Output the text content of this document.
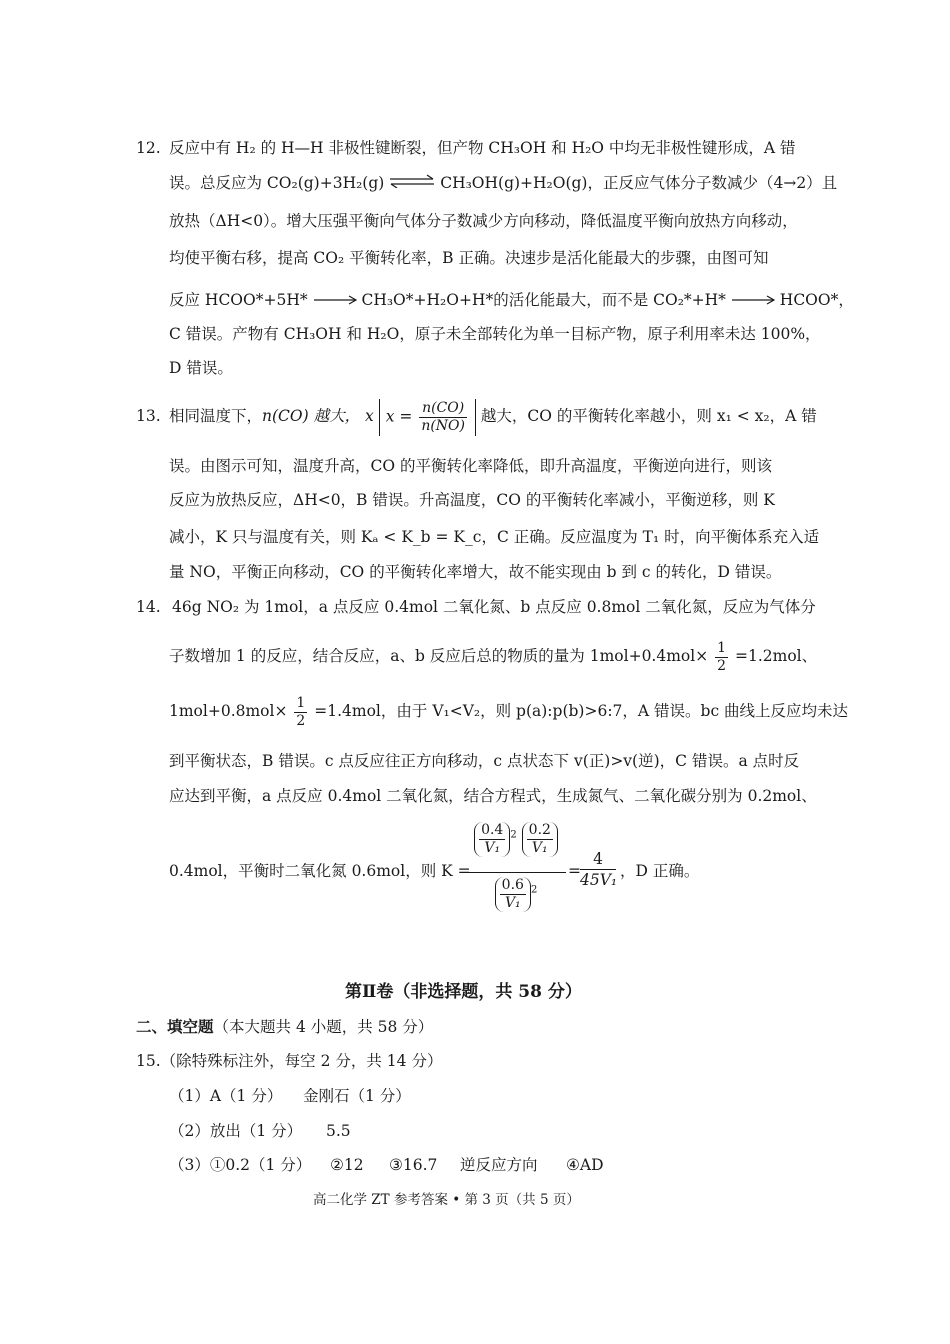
12. 反应中有 H₂ 的 H—H 非极性键断裂，但产物 CH₃OH 和 H₂O 中均无非极性键形成，A 错
误。总反应为 CO₂(g)+3H₂(g) ⇌ CH₃OH(g)+H₂O(g)，正反应气体分子数减少（4→2）且
放热（ΔH<0）。增大压强平衡向气体分子数减少方向移动，降低温度平衡向放热方向移动，
均使平衡右移，提高 CO₂ 平衡转化率，B 正确。决速步是活化能最大的步骤，由图可知
反应 HCOO*+5H* → CH₃O*+H₂O+H*的活化能最大，而不是 CO₂*+H* → HCOO*，
C 错误。产物有 CH₃OH 和 H₂O，原子未全部转化为单一目标产物，原子利用率未达 100%，
D 错误。
13. 相同温度下，n(CO) 越大， x $x = \frac{n(CO)}{n(NO)}$ 越大，CO 的平衡转化率越小，则 x₁ < x₂，A 错
误。由图示可知，温度升高，CO 的平衡转化率降低，即升高温度，平衡逆向进行，则该
反应为放热反应，ΔH<0，B 错误。升高温度，CO 的平衡转化率减小，平衡逆移，则 K
减小，K 只与温度有关，则 Kₐ < K_b = K_c，C 正确。反应温度为 T₁ 时，向平衡体系充入适
量 NO，平衡正向移动，CO 的平衡转化率增大，故不能实现由 b 到 c 的转化，D 错误。
14. 46g NO₂ 为 1mol，a 点反应 0.4mol 二氧化氮、b 点反应 0.8mol 二氧化氮，反应为气体分
子数增加 1 的反应，结合反应，a、b 反应后总的物质的量为 $1mol+0.4mol\times \frac{1}{2} =1.2mol$、
$1mol+0.8mol\times \frac{1}{2} =1.4mol$，由于 V₁<V₂，则 p(a):p(b)>6:7，A 错误。bc 曲线上反应均未达
到平衡状态，B 错误。c 点反应往正方向移动，c 点状态下 v(正)>v(逆)，C 错误。a 点时反
应达到平衡，a 点反应 0.4mol 二氧化氮，结合方程式，生成氮气、二氧化碳分别为 0.2mol、
0.4mol，平衡时二氧化氮 0.6mol，则 K =
$\frac{0.4}{\text{V₁}} ^2 \frac{0.2}{\text{V₁}}$
$\frac{0.6}{\text{V₁}} ^2$
= $\frac{4}{\text{45V₁}}$ ，D 正确。
第Ⅱ卷（非选择题，共 58 分）
二、填空题（本大题共 4 小题，共 58 分）
15.（除特殊标注外，每空 2 分，共 14 分）
（1）A（1 分） 金刚石（1 分）
（2）放出（1 分） 5.5
（3）①0.2（1 分） ②12 ③16.7 逆反应方向 ④AD
高二化学 ZT 参考答案 • 第 3 页（共 5 页）
